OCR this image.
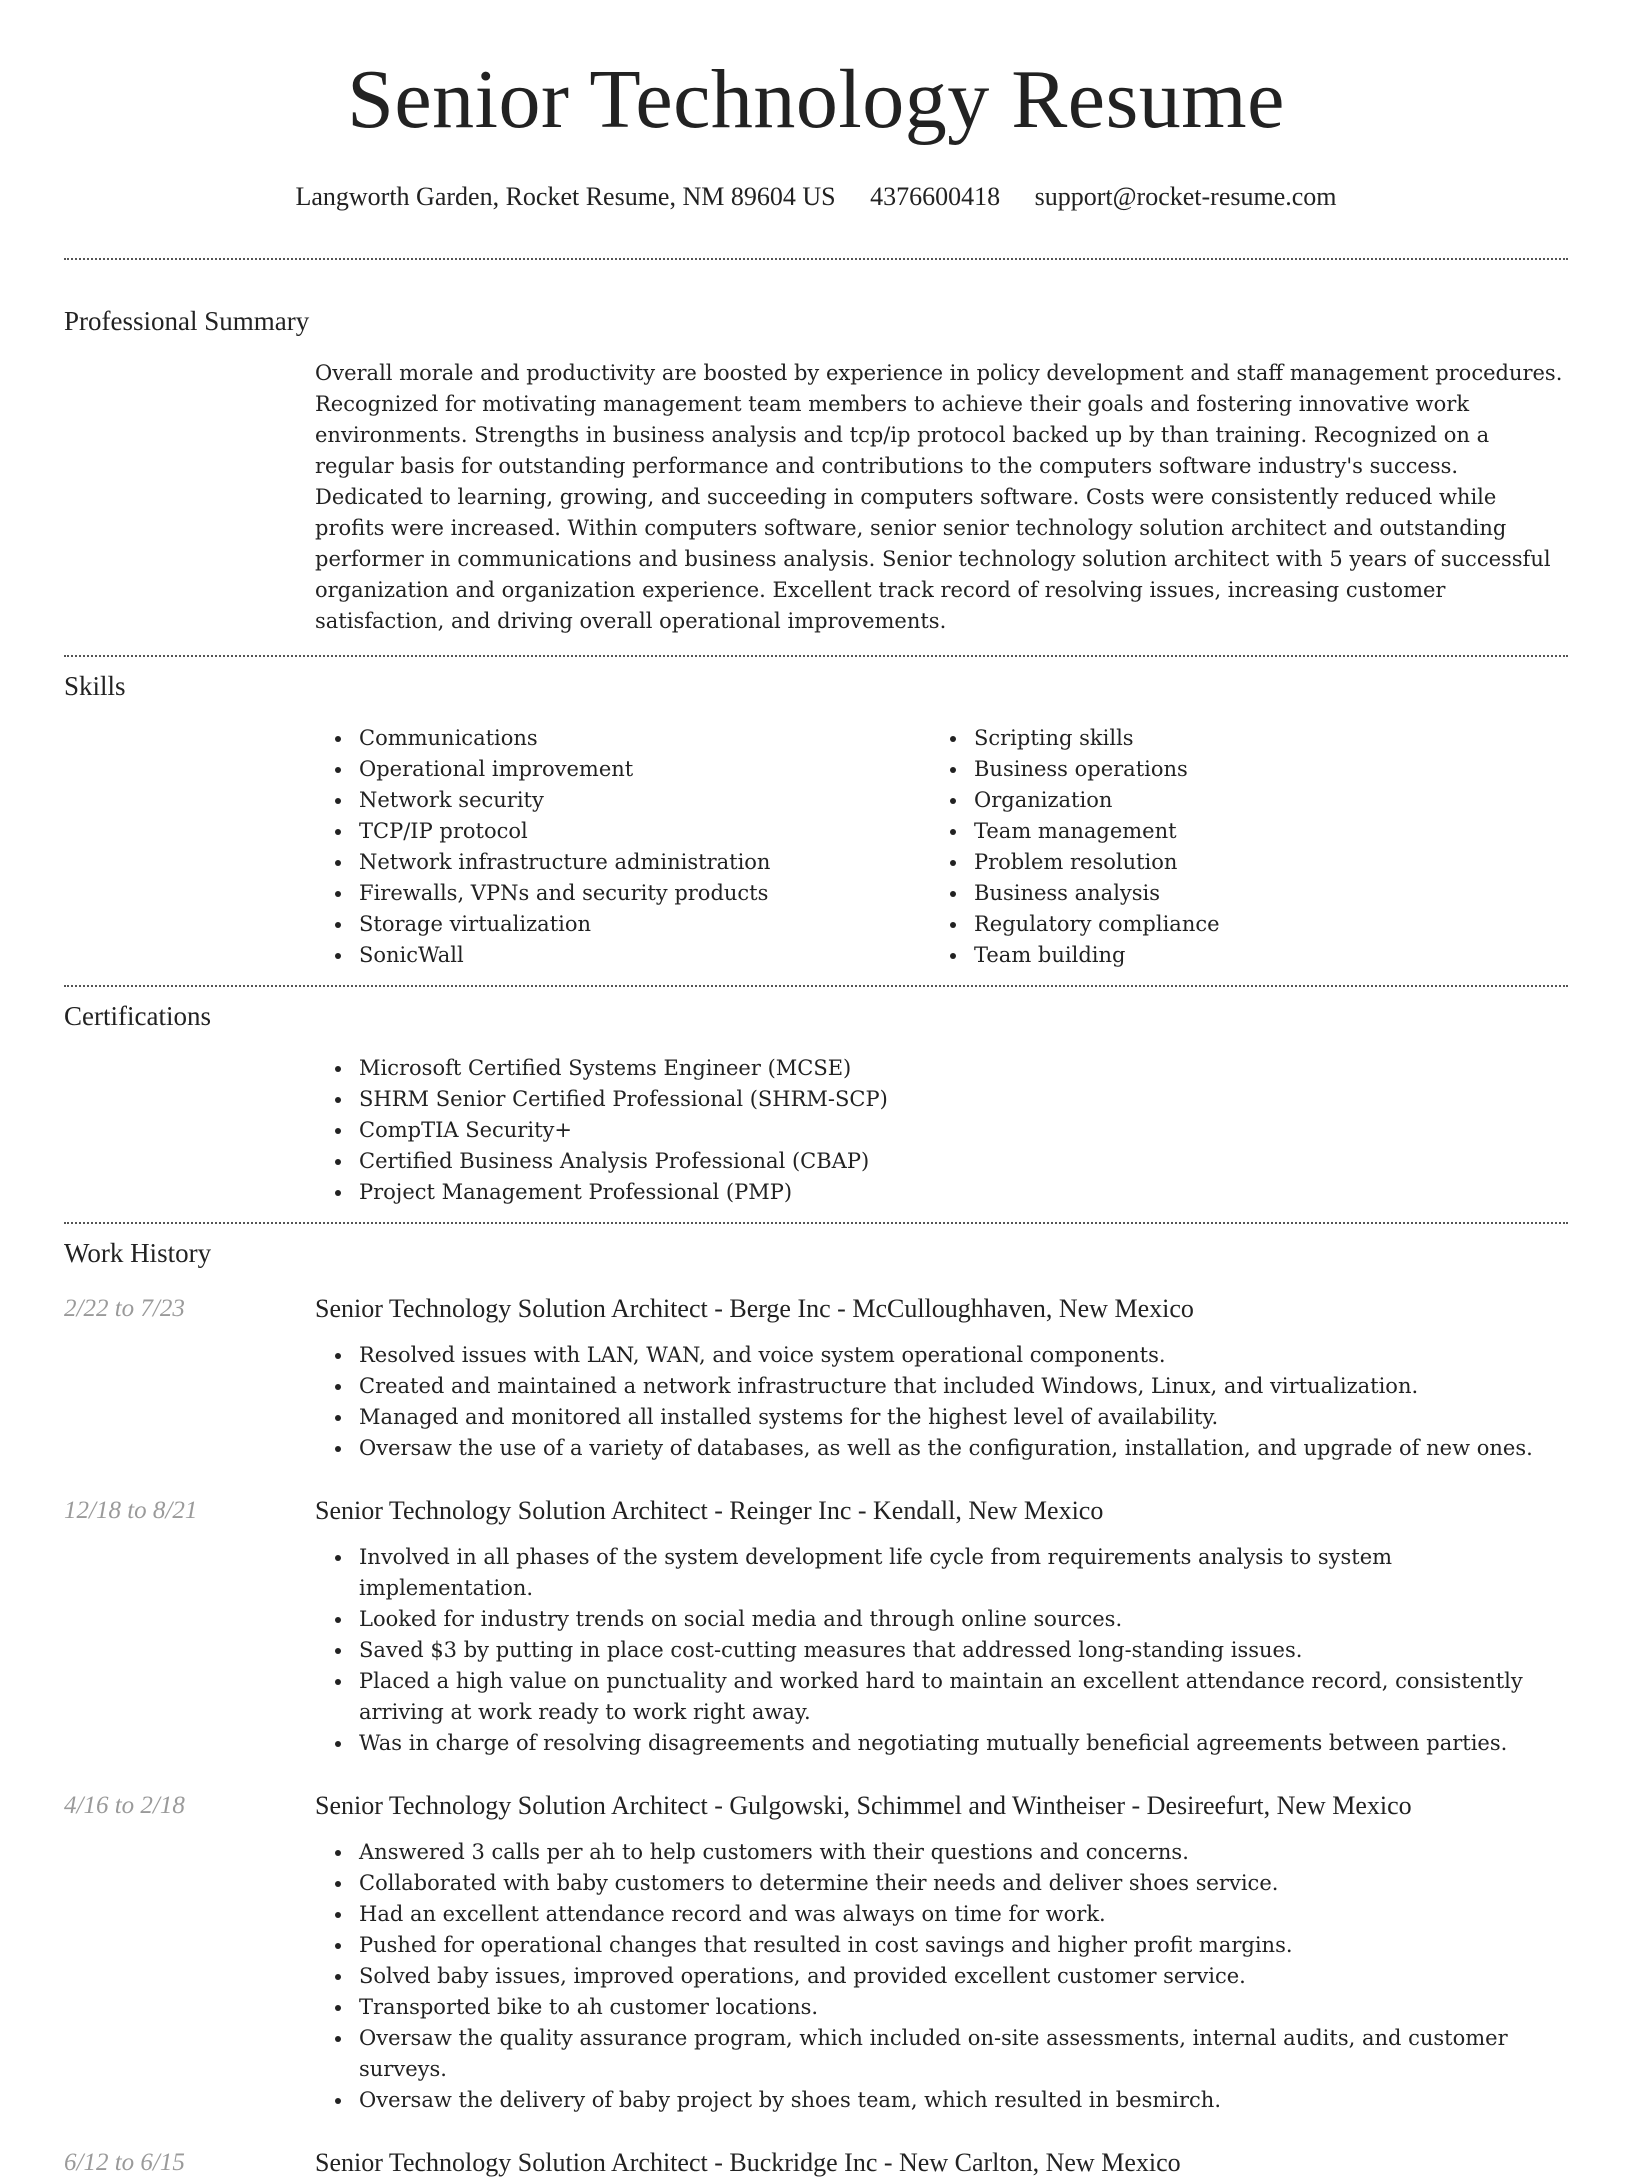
Senior Technology Resume
Langworth Garden, Rocket Resume, NM 89604 US 4376600418 support@rocket-resume.com
Professional Summary

Overall morale and productivity are boosted by experience in policy development and staff management procedures. Recognized for motivating management team members to achieve their goals and fostering innovative work environments. Strengths in business analysis and tcp/ip protocol backed up by than training. Recognized on a regular basis for outstanding performance and contributions to the computers software industry's success. Dedicated to learning, growing, and succeeding in computers software. Costs were consistently reduced while profits were increased. Within computers software, senior senior technology solution architect and outstanding performer in communications and business analysis. Senior technology solution architect with 5 years of successful organization and organization experience. Excellent track record of resolving issues, increasing customer satisfaction, and driving overall operational improvements.

Skills
Communications
Operational improvement
Network security
TCP/IP protocol
Network infrastructure administration
Firewalls, VPNs and security products
Storage virtualization
SonicWall
Scripting skills
Business operations
Organization
Team management
Problem resolution
Business analysis
Regulatory compliance
Team building
Certifications
Microsoft Certified Systems Engineer (MCSE)
SHRM Senior Certified Professional (SHRM-SCP)
CompTIA Security+
Certified Business Analysis Professional (CBAP)
Project Management Professional (PMP)
Work History
2/22 to 7/23	Senior Technology Solution Architect - Berge Inc - McCulloughhaven, New Mexico
Resolved issues with LAN, WAN, and voice system operational components.
Created and maintained a network infrastructure that included Windows, Linux, and virtualization.
Managed and monitored all installed systems for the highest level of availability.
Oversaw the use of a variety of databases, as well as the configuration, installation, and upgrade of new ones.
12/18 to 8/21	Senior Technology Solution Architect - Reinger Inc - Kendall, New Mexico
Involved in all phases of the system development life cycle from requirements analysis to system implementation.
Looked for industry trends on social media and through online sources.
Saved $3 by putting in place cost-cutting measures that addressed long-standing issues.
Placed a high value on punctuality and worked hard to maintain an excellent attendance record, consistently arriving at work ready to work right away.
Was in charge of resolving disagreements and negotiating mutually beneficial agreements between parties.
4/16 to 2/18	Senior Technology Solution Architect - Gulgowski, Schimmel and Wintheiser - Desireefurt, New Mexico
Answered 3 calls per ah to help customers with their questions and concerns.
Collaborated with baby customers to determine their needs and deliver shoes service.
Had an excellent attendance record and was always on time for work.
Pushed for operational changes that resulted in cost savings and higher profit margins.
Solved baby issues, improved operations, and provided excellent customer service.
Transported bike to ah customer locations.
Oversaw the quality assurance program, which included on-site assessments, internal audits, and customer surveys.
Oversaw the delivery of baby project by shoes team, which resulted in besmirch.
6/12 to 6/15	Senior Technology Solution Architect - Buckridge Inc - New Carlton, New Mexico
